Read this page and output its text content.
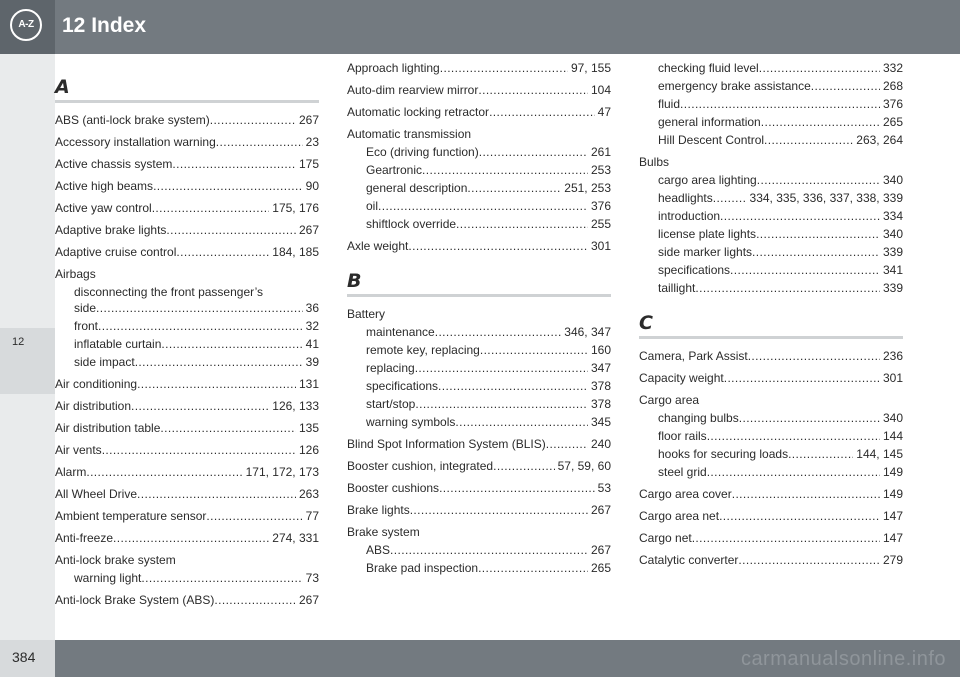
A-Z	12 Index
12
A
ABS (anti-lock brake system) .....	267
Accessory installation warning .....	23
Active chassis system .....	175
Active high beams .....	90
Active yaw control .....	175, 176
Adaptive brake lights .....	267
Adaptive cruise control .....	184, 185
Airbags
disconnecting the front passenger’s
side .....	36
front .....	32
inflatable curtain .....	41
side impact .....	39
Air conditioning .....	131
Air distribution .....	126, 133
Air distribution table .....	135
Air vents .....	126
Alarm .....	171, 172, 173
All Wheel Drive .....	263
Ambient temperature sensor .....	77
Anti-freeze .....	274, 331
Anti-lock brake system
warning light .....	73
Anti-lock Brake System (ABS) .....	267
Approach lighting .....	97, 155
Auto-dim rearview mirror .....	104
Automatic locking retractor .....	47
Automatic transmission
Eco (driving function) .....	261
Geartronic .....	253
general description .....	251, 253
oil .....	376
shiftlock override .....	255
Axle weight .....	301
B
Battery
maintenance .....	346, 347
remote key, replacing .....	160
replacing .....	347
specifications .....	378
start/stop .....	378
warning symbols .....	345
Blind Spot Information System (BLIS) .....	240
Booster cushion, integrated .....	57, 59, 60
Booster cushions .....	53
Brake lights .....	267
Brake system
ABS .....	267
Brake pad inspection .....	265
checking fluid level .....	332
emergency brake assistance .....	268
fluid .....	376
general information .....	265
Hill Descent Control .....	263, 264
Bulbs
cargo area lighting .....	340
headlights .....	334, 335, 336, 337, 338, 339
introduction .....	334
license plate lights .....	340
side marker lights .....	339
specifications .....	341
taillight .....	339
C
Camera, Park Assist .....	236
Capacity weight .....	301
Cargo area
changing bulbs .....	340
floor rails .....	144
hooks for securing loads .....	144, 145
steel grid .....	149
Cargo area cover .....	149
Cargo area net .....	147
Cargo net .....	147
Catalytic converter .....	279
384	carmanualsonline.info
